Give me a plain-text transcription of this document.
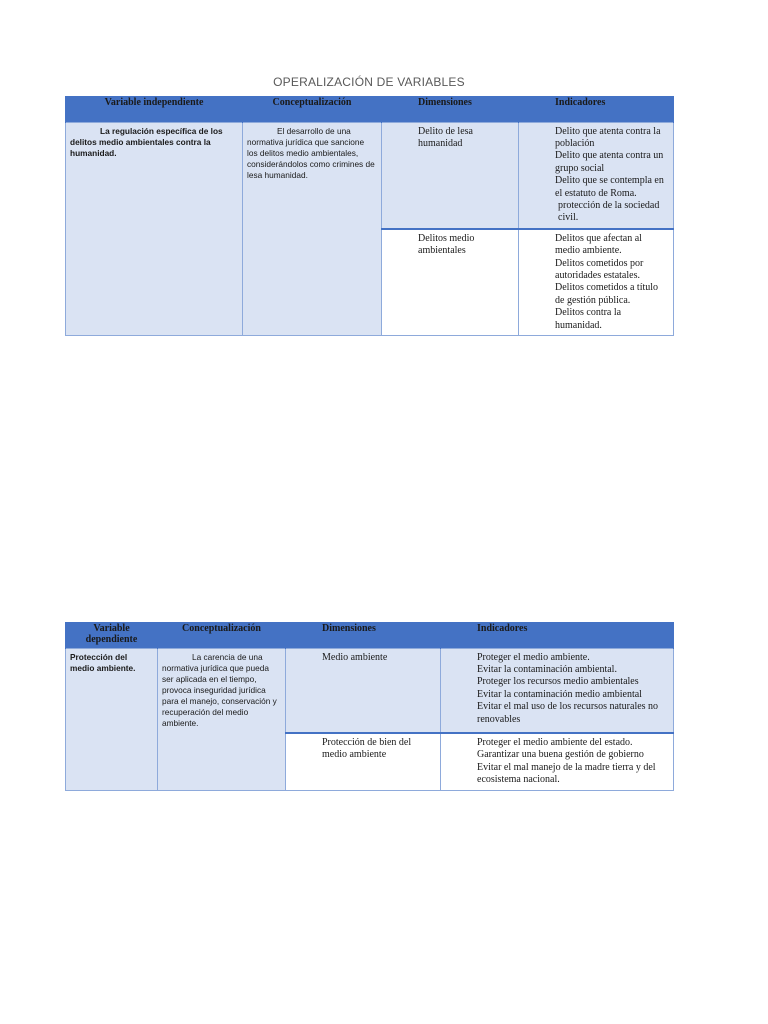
OPERALIZACIÓN DE VARIABLES
Variable independiente	Conceptualización	Dimensiones	Indicadores
La regulación específica de los delitos medio ambientales contra la humanidad.	El desarrollo de una normativa jurídica que sancione los delitos medio ambientales, considerándolos como crimines de lesa humanidad.	Delito de lesa humanidad	Delito que atenta contra la población
Delito que atenta contra un grupo social
Delito que se contempla en el estatuto de Roma.
protección de la sociedad civil.

		Delitos medio ambientales	Delitos que afectan al medio ambiente.
Delitos cometidos por autoridades estatales.
Delitos cometidos a título de gestión pública.
Delitos contra la humanidad.
Variable dependiente	Conceptualización	Dimensiones	Indicadores
Protección del medio ambiente.	La carencia de una normativa jurídica que pueda ser aplicada en el tiempo, provoca inseguridad jurídica para el manejo, conservación y recuperación del medio ambiente.	Medio ambiente	Proteger el medio ambiente.
Evitar la contaminación ambiental.
Proteger los recursos medio ambientales
Evitar la contaminación medio ambiental
Evitar el mal uso de los recursos naturales no renovables

		Protección de bien del medio ambiente	Proteger el medio ambiente del estado.
Garantizar una buena gestión de gobierno
Evitar el mal manejo de la madre tierra y del ecosistema nacional.
